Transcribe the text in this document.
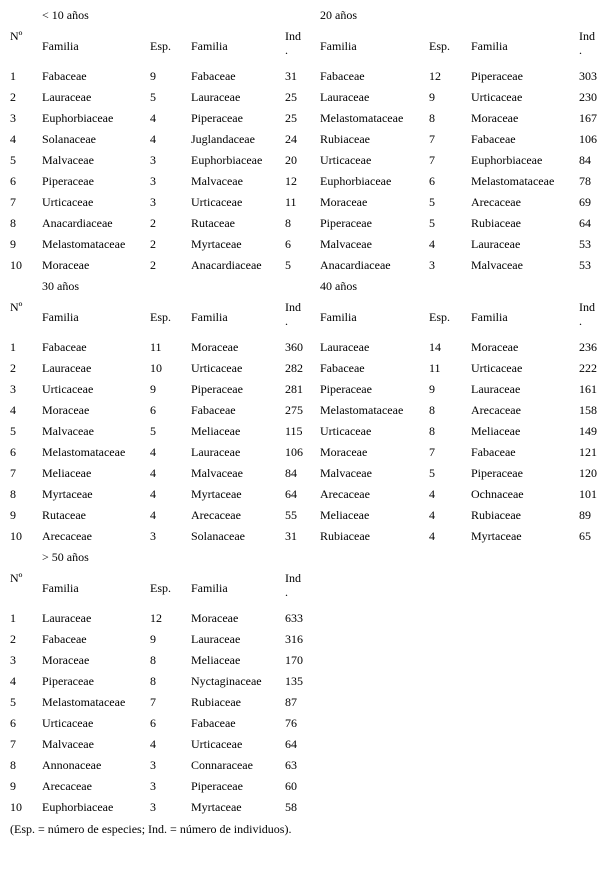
< 10 años
Nº
Familia	Esp. Familia
Ind
.
1 Fabaceae	9	Fabaceae	31
2 Lauraceae	5	Lauraceae	25
3 Euphorbiaceae	4	Piperaceae	25
4 Solanaceae	4	Juglandaceae	24
5 Malvaceae	3	Euphorbiaceae 20
6 Piperaceae	3	Malvaceae	12
7 Urticaceae	3	Urticaceae	11
8 Anacardiaceae	2	Rutaceae	8
9 Melastomataceae 2	Myrtaceae	6
10 Moraceae	2	Anacardiaceae 5
20 años
Familia	Esp. Familia
Ind
.
Fabaceae	12	Piperaceae	303
Lauraceae	9	Urticaceae	230
Melastomataceae 8	Moraceae	167
Rubiaceae	7	Fabaceae	106
Urticaceae	7	Euphorbiaceae	84
Euphorbiaceae	6	Melastomataceae 78
Moraceae	5	Arecaceae	69
Piperaceae	5	Rubiaceae	64
Malvaceae	4	Lauraceae	53
Anacardiaceae	3	Malvaceae	53
30 años
Nº
Familia	Esp. Familia
Ind
.
1 Fabaceae	11 Moraceae	360
2 Lauraceae	10 Urticaceae	282
3 Urticaceae	9	Piperaceae	281
4 Moraceae	6	Fabaceae	275
5 Malvaceae	5	Meliaceae	115
6 Melastomataceae 4	Lauraceae	106
7 Meliaceae	4	Malvaceae	84
8 Myrtaceae	4	Myrtaceae	64
9 Rutaceae	4	Arecaceae	55
10 Arecaceae	3	Solanaceae	31
40 años
Familia	Esp. Familia
Ind
.
Lauraceae	14	Moraceae	236
Fabaceae	11	Urticaceae	222
Piperaceae	9	Lauraceae	161
Melastomataceae 8	Arecaceae	158
Urticaceae	8	Meliaceae	149
Moraceae	7	Fabaceae	121
Malvaceae	5	Piperaceae	120
Arecaceae	4	Ochnaceae	101
Meliaceae	4	Rubiaceae	89
Rubiaceae	4	Myrtaceae	65
> 50 años
Nº
Familia	Esp. Familia
Ind
.
1 Lauraceae	12 Moraceae	633
2 Fabaceae	9	Lauraceae	316
3 Moraceae	8	Meliaceae	170
4 Piperaceae	8	Nyctaginaceae 135
5 Melastomataceae 7	Rubiaceae	87
6 Urticaceae	6	Fabaceae	76
7 Malvaceae	4	Urticaceae	64
8 Annonaceae	3	Connaraceae	63
9 Arecaceae	3	Piperaceae	60
10 Euphorbiaceae	3	Myrtaceae	58
(Esp. = número de especies; Ind. = número de individuos).
